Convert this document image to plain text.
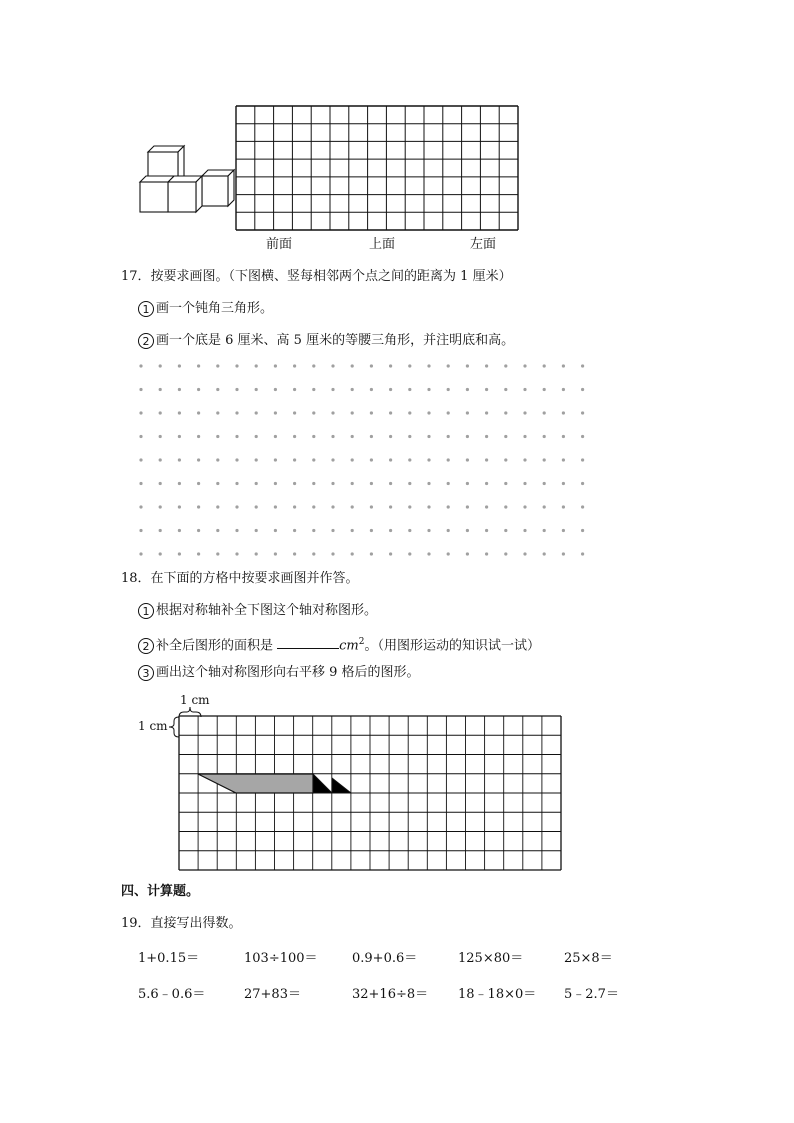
前面	上面	左面
17．按要求画图。（下图横、竖每相邻两个点之间的距离为 1 厘米）
1 画一个钝角三角形。
2 画一个底是 6 厘米、高 5 厘米的等腰三角形，并注明底和高。
18．在下面的方格中按要求画图并作答。
1 根据对称轴补全下图这个轴对称图形。
2 补全后图形的面积是	$cm^2$。（用图形运动的知识试一试）
3 画出这个轴对称图形向右平移 9 格后的图形。
1 cm
1 cm
四、计算题。
19．直接写出得数。
1+0.15＝	103÷100＝	0.9+0.6＝	125×80＝	25×8＝
5.6﹣0.6＝	27+83＝	32+16÷8＝ 18﹣18×0＝ 5﹣2.7＝
